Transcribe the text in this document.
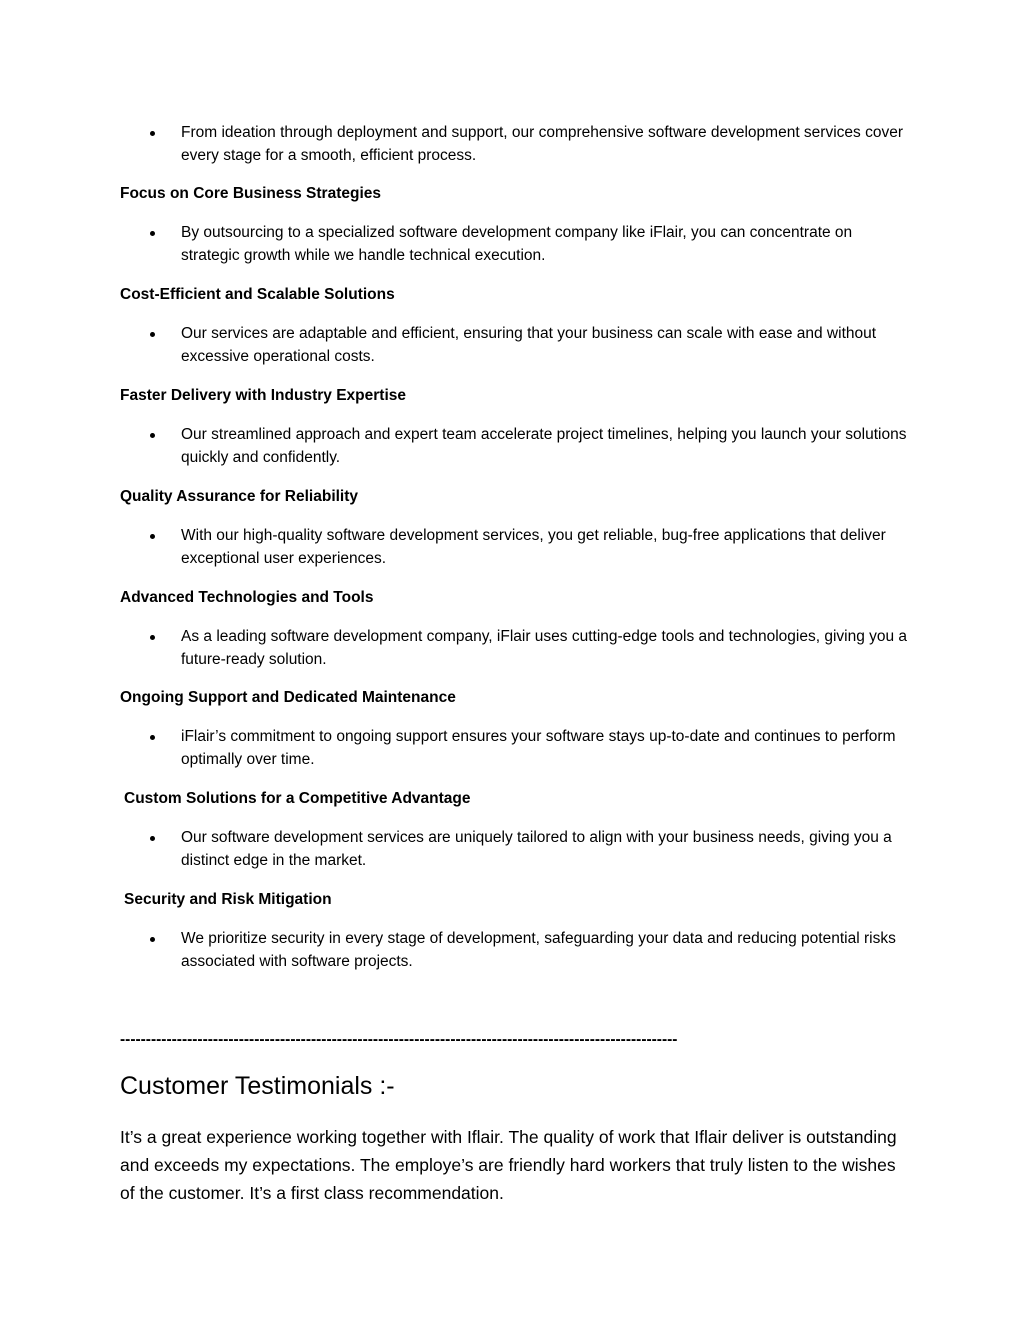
From ideation through deployment and support, our comprehensive software development services cover every stage for a smooth, efficient process.

Focus on Core Business Strategies

By outsourcing to a specialized software development company like iFlair, you can concentrate on strategic growth while we handle technical execution.

Cost-Efficient and Scalable Solutions

Our services are adaptable and efficient, ensuring that your business can scale with ease and without excessive operational costs.

Faster Delivery with Industry Expertise

Our streamlined approach and expert team accelerate project timelines, helping you launch your solutions quickly and confidently.

Quality Assurance for Reliability

With our high-quality software development services, you get reliable, bug-free applications that deliver exceptional user experiences.

Advanced Technologies and Tools

As a leading software development company, iFlair uses cutting-edge tools and technologies, giving you a future-ready solution.

Ongoing Support and Dedicated Maintenance

iFlair’s commitment to ongoing support ensures your software stays up-to-date and continues to perform optimally over time.

Custom Solutions for a Competitive Advantage

Our software development services are uniquely tailored to align with your business needs, giving you a distinct edge in the market.

Security and Risk Mitigation

We prioritize security in every stage of development, safeguarding your data and reducing potential risks associated with software projects.
------------------------------------------------------------------------------------------------------------
Customer Testimonials :-

It’s a great experience working together with Iflair. The quality of work that Iflair deliver is outstanding and exceeds my expectations. The employe’s are friendly hard workers that truly listen to the wishes of the customer. It’s a first class recommendation.
